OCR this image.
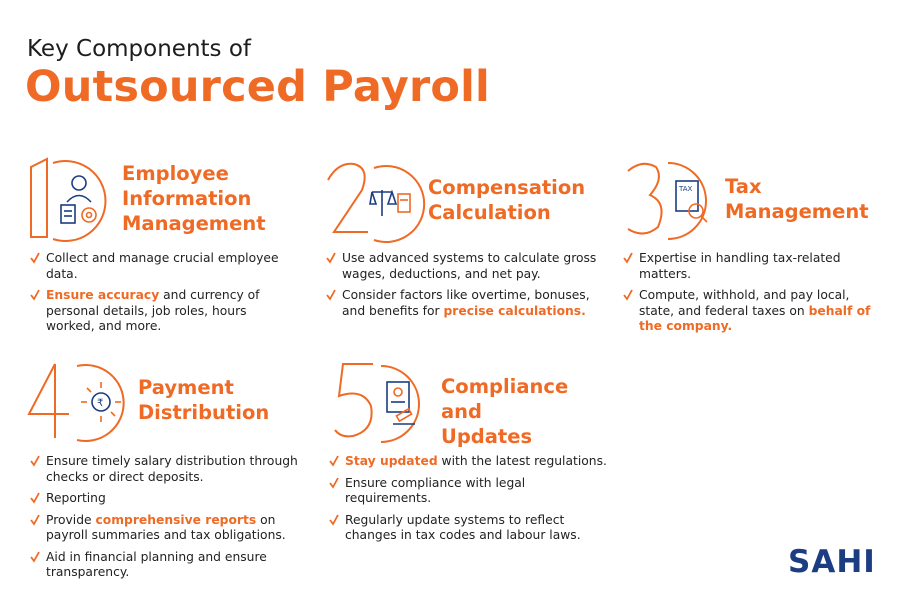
Key Components of
Outsourced Payroll
Employee
Information
Management
Collect and manage crucial employee data.
Ensure accuracy and currency of personal details, job roles, hours worked, and more.
Compensation
Calculation
Use advanced systems to calculate gross wages, deductions, and net pay.
Consider factors like overtime, bonuses, and benefits for precise calculations.
TAX Tax
Management
Expertise in handling tax-related matters.
Compute, withhold, and pay local, state, and federal taxes on behalf of the company.
₹
Payment
Distribution
Ensure timely salary distribution through checks or direct deposits.
Reporting
Provide comprehensive reports on payroll summaries and tax obligations.
Aid in financial planning and ensure transparency.
Compliance and
Updates
Stay updated with the latest regulations.
Ensure compliance with legal requirements.
Regularly update systems to reflect changes in tax codes and labour laws.
SAHI
